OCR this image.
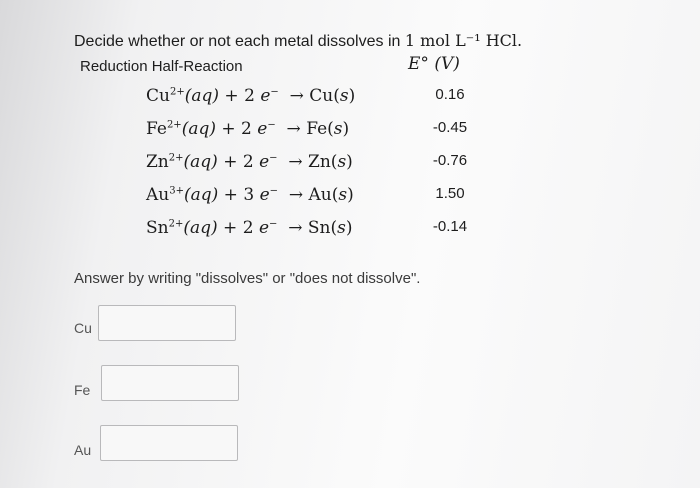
Decide whether or not each metal dissolves in 1 mol L⁻¹ HCl.
Reduction Half-Reaction	E° (V)
$Cu^{2+}(aq) + 2$ e−  → Cu(s)	0.16
$Fe^{2+}(aq) + 2$ e−  → Fe(s)	-0.45
$Zn^{2+}(aq) + 2$ e−  → Zn(s)	-0.76
$Au^{3+}(aq) + 3$ e−  → Au(s)	1.50
$Sn^{2+}(aq) + 2$ e−  → Sn(s)	-0.14
Answer by writing "dissolves" or "does not dissolve".
Cu
Fe
Au
